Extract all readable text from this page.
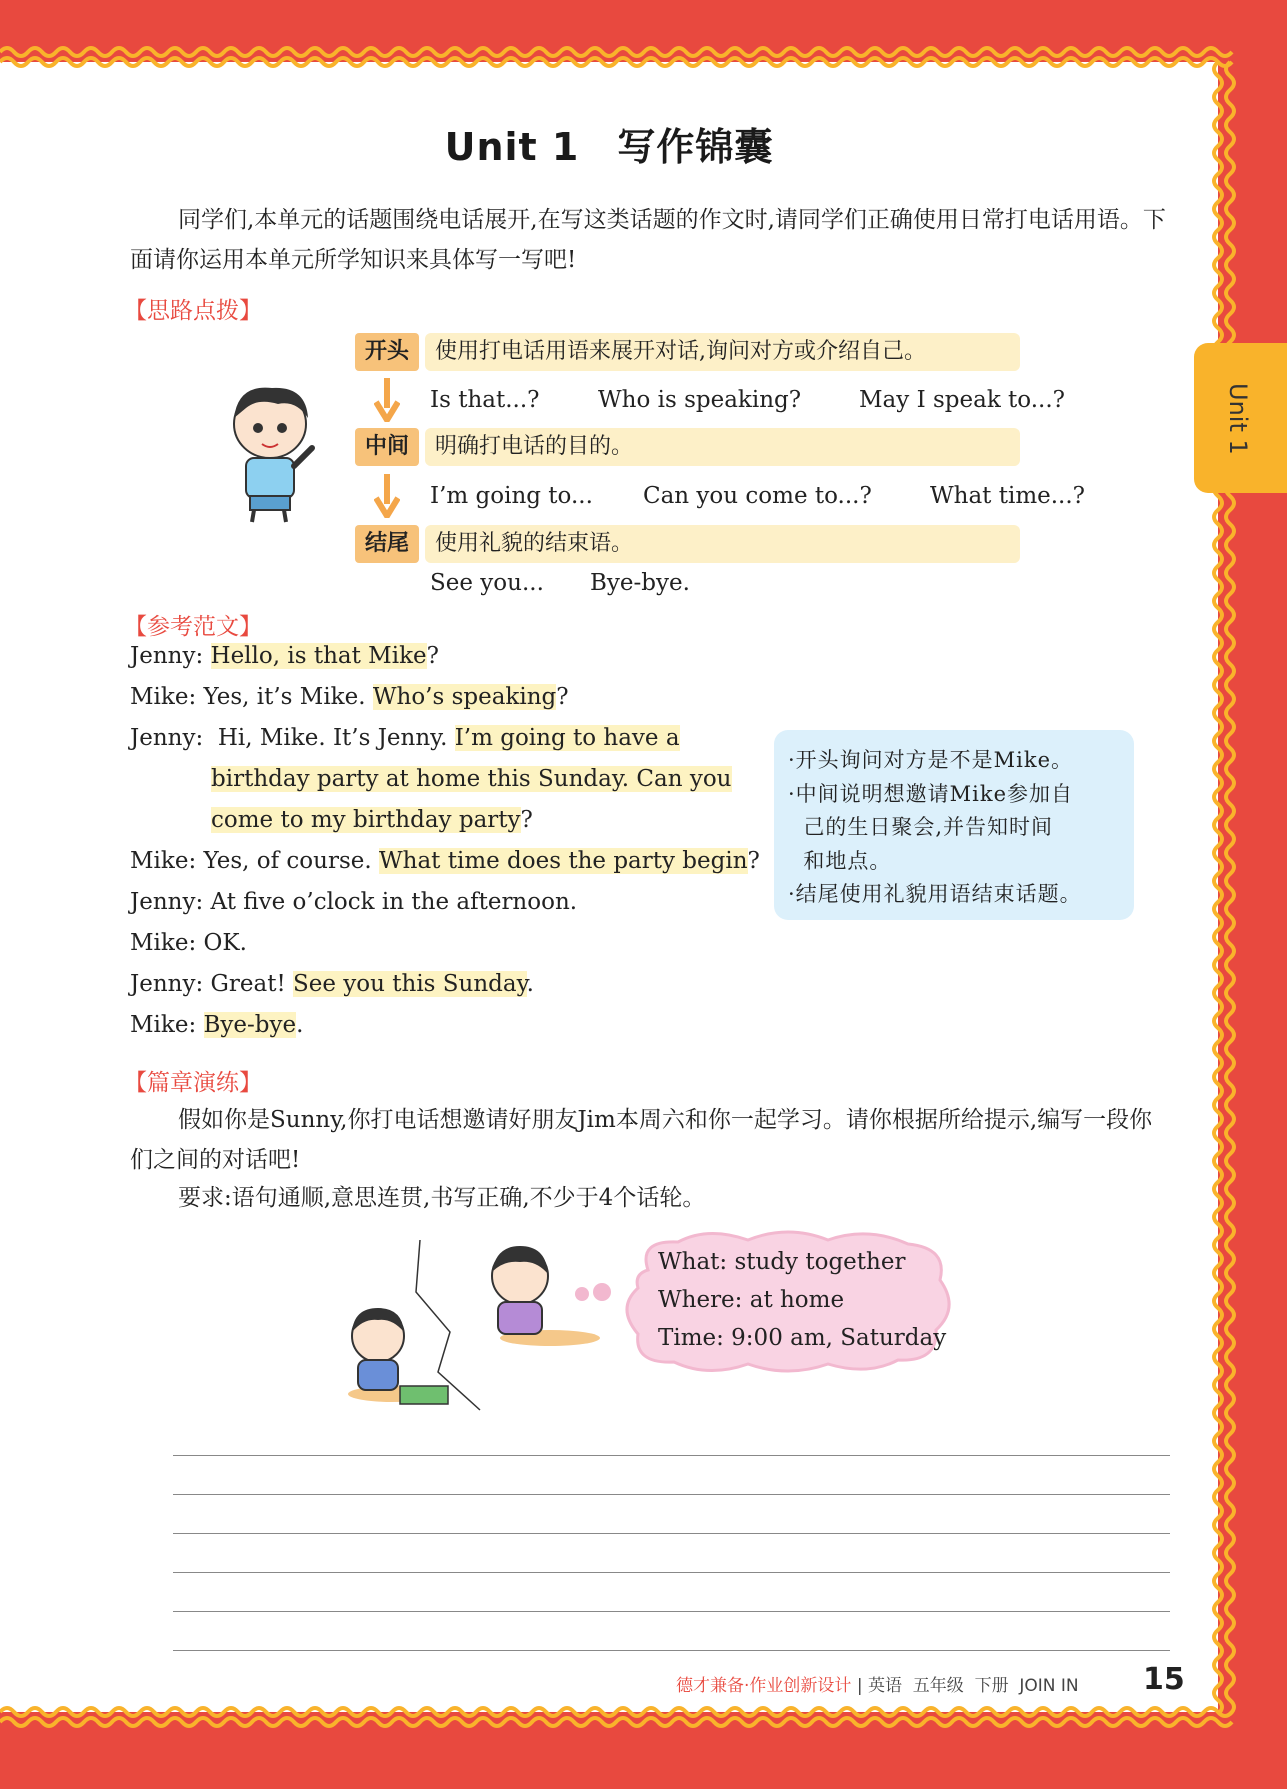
Unit 1
Unit 1 写作锦囊
同学们,本单元的话题围绕电话展开,在写这类话题的作文时,请同学们正确使用日常打电话用语。下面请你运用本单元所学知识来具体写一写吧!
【思路点拨】
开头	使用打电话用语来展开对话,询问对方或介绍自己。
Is that...?	Who is speaking?	May I speak to...?
中间	明确打电话的目的。
I’m going to... Can you come to...?	What time...?
结尾	使用礼貌的结束语。
See you... Bye-bye.
【参考范文】
Jenny: Hello, is that Mike?
Mike: Yes, it’s Mike. Who’s speaking?
Jenny:  Hi, Mike. It’s Jenny. I’m going to have a
birthday party at home this Sunday. Can you
come to my birthday party?
Mike: Yes, of course. What time does the party begin?
Jenny: At five o’clock in the afternoon.
Mike: OK.
Jenny: Great! See you this Sunday.
Mike: Bye-bye.
·开头询问对方是不是Mike。
·中间说明想邀请Mike参加自
己的生日聚会,并告知时间
和地点。
·结尾使用礼貌用语结束话题。
【篇章演练】
假如你是Sunny,你打电话想邀请好朋友Jim本周六和你一起学习。请你根据所给提示,编写一段你们之间的对话吧!
要求:语句通顺,意思连贯,书写正确,不少于4个话轮。
What: study together
Where: at home
Time: 9:00 am, Saturday
德才兼备·作业创新设计 | 英语 五年级 下册 JOIN IN 15
